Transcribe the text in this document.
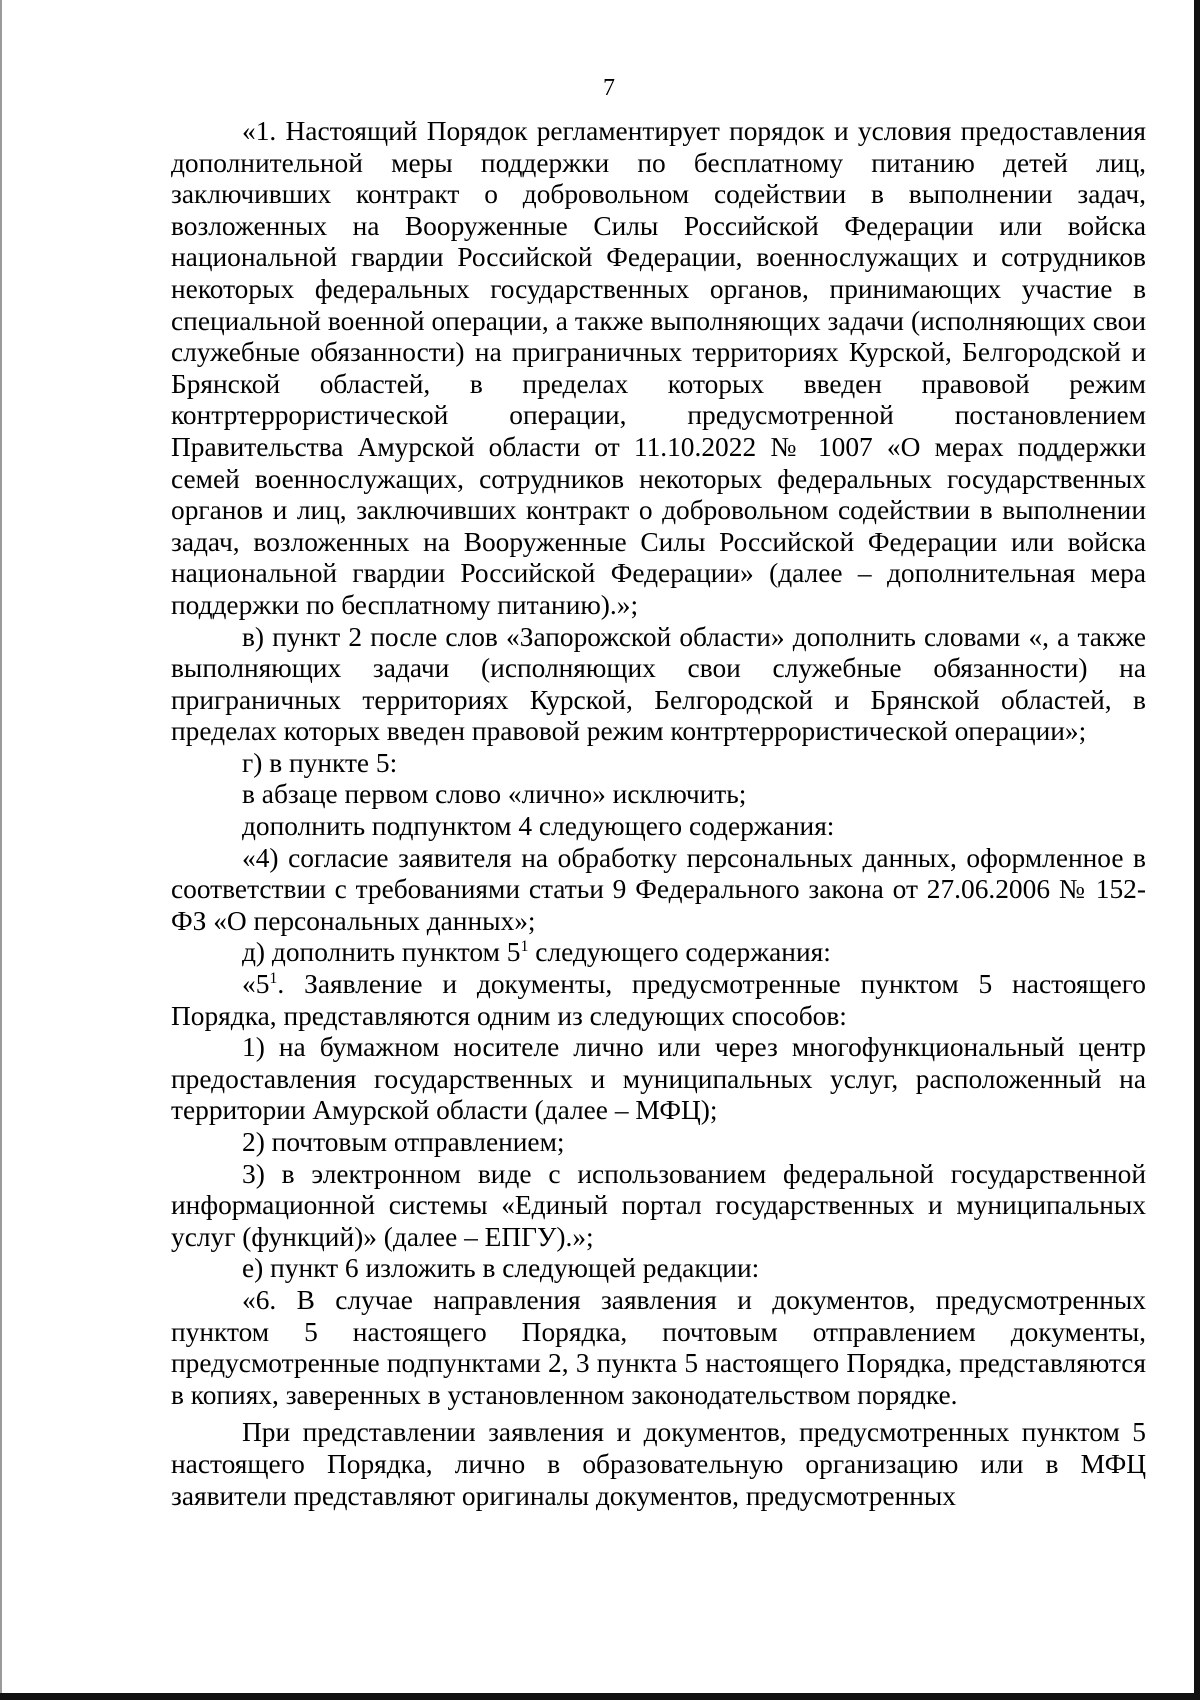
7

«1. Настоящий Порядок регламентирует порядок и условия предоставления дополнительной меры поддержки по бесплатному питанию детей лиц, заключивших контракт о добровольном содействии в выполнении задач, возложенных на Вооруженные Силы Российской Федерации или войска национальной гвардии Российской Федерации, военнослужащих и сотрудников некоторых федеральных государственных органов, принимающих участие в специальной военной операции, а также выполняющих задачи (исполняющих свои служебные обязанности) на приграничных территориях Курской, Белгородской и Брянской областей, в пределах которых введен правовой режим контртеррористической операции, предусмотренной постановлением Правительства Амурской области от 11.10.2022 № 1007 «О мерах поддержки семей военнослужащих, сотрудников некоторых федеральных государственных органов и лиц, заключивших контракт о добровольном содействии в выполнении задач, возложенных на Вооруженные Силы Российской Федерации или войска национальной гвардии Российской Федерации» (далее – дополнительная мера поддержки по бесплатному питанию).»;

в) пункт 2 после слов «Запорожской области» дополнить словами «, а также выполняющих задачи (исполняющих свои служебные обязанности) на приграничных территориях Курской, Белгородской и Брянской областей, в пределах которых введен правовой режим контртеррористической операции»;

г) в пункте 5:

в абзаце первом слово «лично» исключить;

дополнить подпунктом 4 следующего содержания:

«4) согласие заявителя на обработку персональных данных, оформленное в соответствии с требованиями статьи 9 Федерального закона от 27.06.2006 № 152-ФЗ «О персональных данных»;

д) дополнить пунктом $5^1$ следующего содержания:

«$5^1$. Заявление и документы, предусмотренные пунктом 5 настоящего Порядка, представляются одним из следующих способов:

1) на бумажном носителе лично или через многофункциональный центр предоставления государственных и муниципальных услуг, расположенный на территории Амурской области (далее – МФЦ);

2) почтовым отправлением;

3) в электронном виде с использованием федеральной государственной информационной системы «Единый портал государственных и муниципальных услуг (функций)» (далее – ЕПГУ).»;

е) пункт 6 изложить в следующей редакции:

«6. В случае направления заявления и документов, предусмотренных пунктом 5 настоящего Порядка, почтовым отправлением документы, предусмотренные подпунктами 2, 3 пункта 5 настоящего Порядка, представляются в копиях, заверенных в установленном законодательством порядке.

При представлении заявления и документов, предусмотренных пунктом 5 настоящего Порядка, лично в образовательную организацию или в МФЦ заявители представляют оригиналы документов, предусмотренных
